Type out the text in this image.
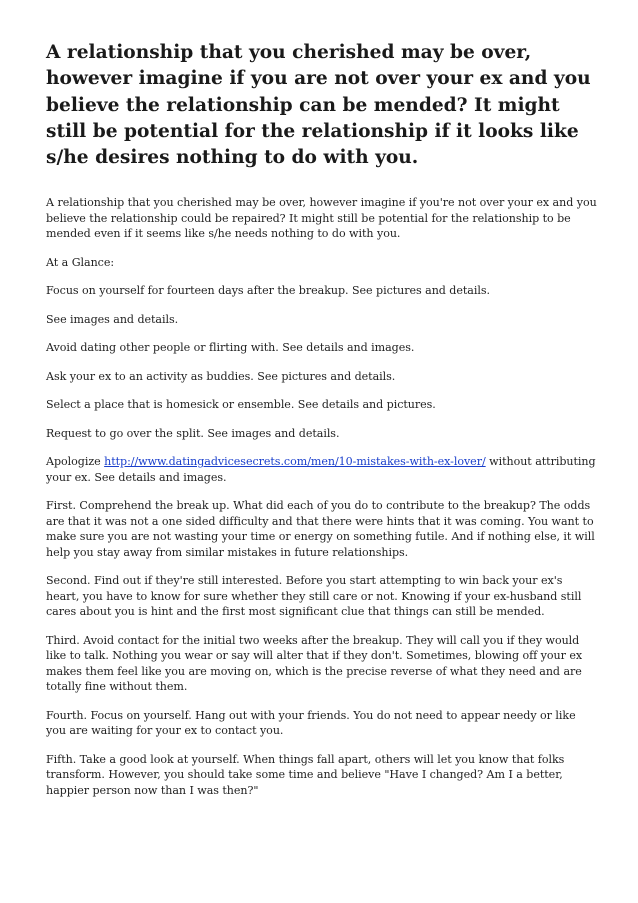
A relationship that you cherished may be over, however imagine if you are not over your ex and you believe the relationship can be mended? It might still be potential for the relationship if it looks like s/he desires nothing to do with you.

A relationship that you cherished may be over, however imagine if you're not over your ex and you believe the relationship could be repaired? It might still be potential for the relationship to be mended even if it seems like s/he needs nothing to do with you.

At a Glance:

Focus on yourself for fourteen days after the breakup. See pictures and details.

See images and details.

Avoid dating other people or flirting with. See details and images.

Ask your ex to an activity as buddies. See pictures and details.

Select a place that is homesick or ensemble. See details and pictures.

Request to go over the split. See images and details.

Apologize http://www.datingadvicesecrets.com/men/10-mistakes-with-ex-lover/ without attributing your ex. See details and images.

First. Comprehend the break up. What did each of you do to contribute to the breakup? The odds are that it was not a one sided difficulty and that there were hints that it was coming. You want to make sure you are not wasting your time or energy on something futile. And if nothing else, it will help you stay away from similar mistakes in future relationships.

Second. Find out if they're still interested. Before you start attempting to win back your ex's heart, you have to know for sure whether they still care or not. Knowing if your ex-husband still cares about you is hint and the first most significant clue that things can still be mended.

Third. Avoid contact for the initial two weeks after the breakup. They will call you if they would like to talk. Nothing you wear or say will alter that if they don't. Sometimes, blowing off your ex makes them feel like you are moving on, which is the precise reverse of what they need and are totally fine without them.

Fourth. Focus on yourself. Hang out with your friends. You do not need to appear needy or like you are waiting for your ex to contact you.

Fifth. Take a good look at yourself. When things fall apart, others will let you know that folks transform. However, you should take some time and believe "Have I changed? Am I a better, happier person now than I was then?"
